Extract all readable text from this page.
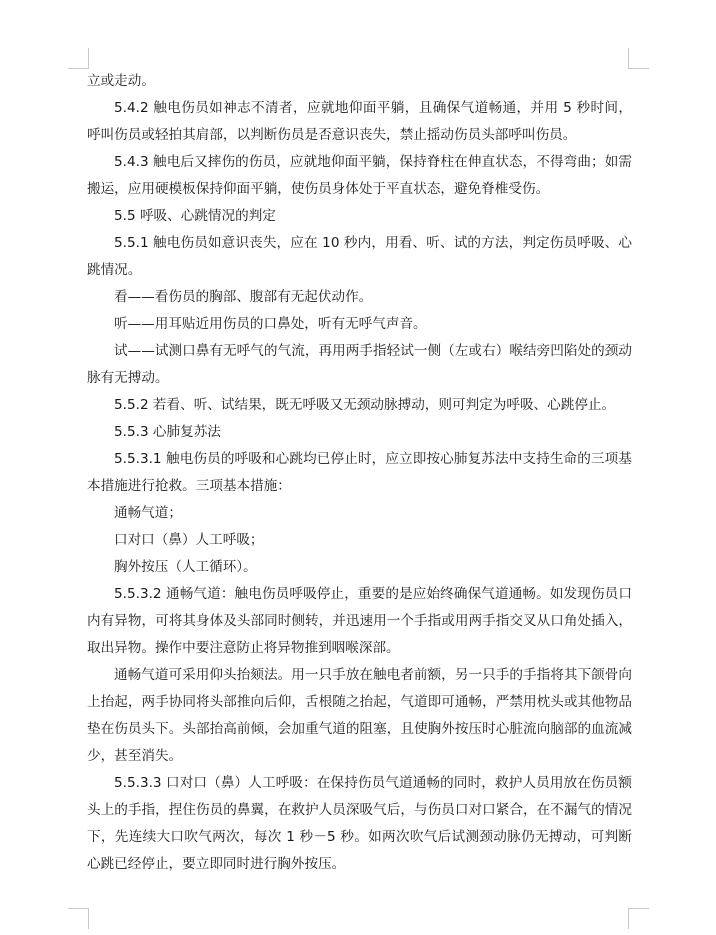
立或走动。

5.4.2 触电伤员如神志不清者，应就地仰面平躺，且确保气道畅通，并用 5 秒时间，呼叫伤员或轻拍其肩部，以判断伤员是否意识丧失，禁止摇动伤员头部呼叫伤员。

5.4.3 触电后又摔伤的伤员，应就地仰面平躺，保持脊柱在伸直状态，不得弯曲；如需搬运，应用硬模板保持仰面平躺，使伤员身体处于平直状态，避免脊椎受伤。

5.5 呼吸、心跳情况的判定

5.5.1 触电伤员如意识丧失，应在 10 秒内，用看、听、试的方法，判定伤员呼吸、心跳情况。

看——看伤员的胸部、腹部有无起伏动作。

听——用耳贴近用伤员的口鼻处，听有无呼气声音。

试——试测口鼻有无呼气的气流，再用两手指轻试一侧（左或右）喉结旁凹陷处的颈动脉有无搏动。

5.5.2 若看、听、试结果，既无呼吸又无颈动脉搏动，则可判定为呼吸、心跳停止。

5.5.3 心肺复苏法

5.5.3.1 触电伤员的呼吸和心跳均已停止时，应立即按心肺复苏法中支持生命的三项基本措施进行抢救。三项基本措施：

通畅气道；

口对口（鼻）人工呼吸；

胸外按压（人工循环）。

5.5.3.2 通畅气道：触电伤员呼吸停止，重要的是应始终确保气道通畅。如发现伤员口内有异物，可将其身体及头部同时侧转，并迅速用一个手指或用两手指交叉从口角处插入，取出异物。操作中要注意防止将异物推到咽喉深部。

通畅气道可采用仰头抬颏法。用一只手放在触电者前额，另一只手的手指将其下颌骨向上抬起，两手协同将头部推向后仰，舌根随之抬起，气道即可通畅，严禁用枕头或其他物品垫在伤员头下。头部抬高前倾，会加重气道的阻塞，且使胸外按压时心脏流向脑部的血流减少，甚至消失。

5.5.3.3 口对口（鼻）人工呼吸：在保持伤员气道通畅的同时，救护人员用放在伤员额头上的手指，捏住伤员的鼻翼，在救护人员深吸气后，与伤员口对口紧合，在不漏气的情况下，先连续大口吹气两次，每次 1 秒－5 秒。如两次吹气后试测颈动脉仍无搏动，可判断心跳已经停止，要立即同时进行胸外按压。
